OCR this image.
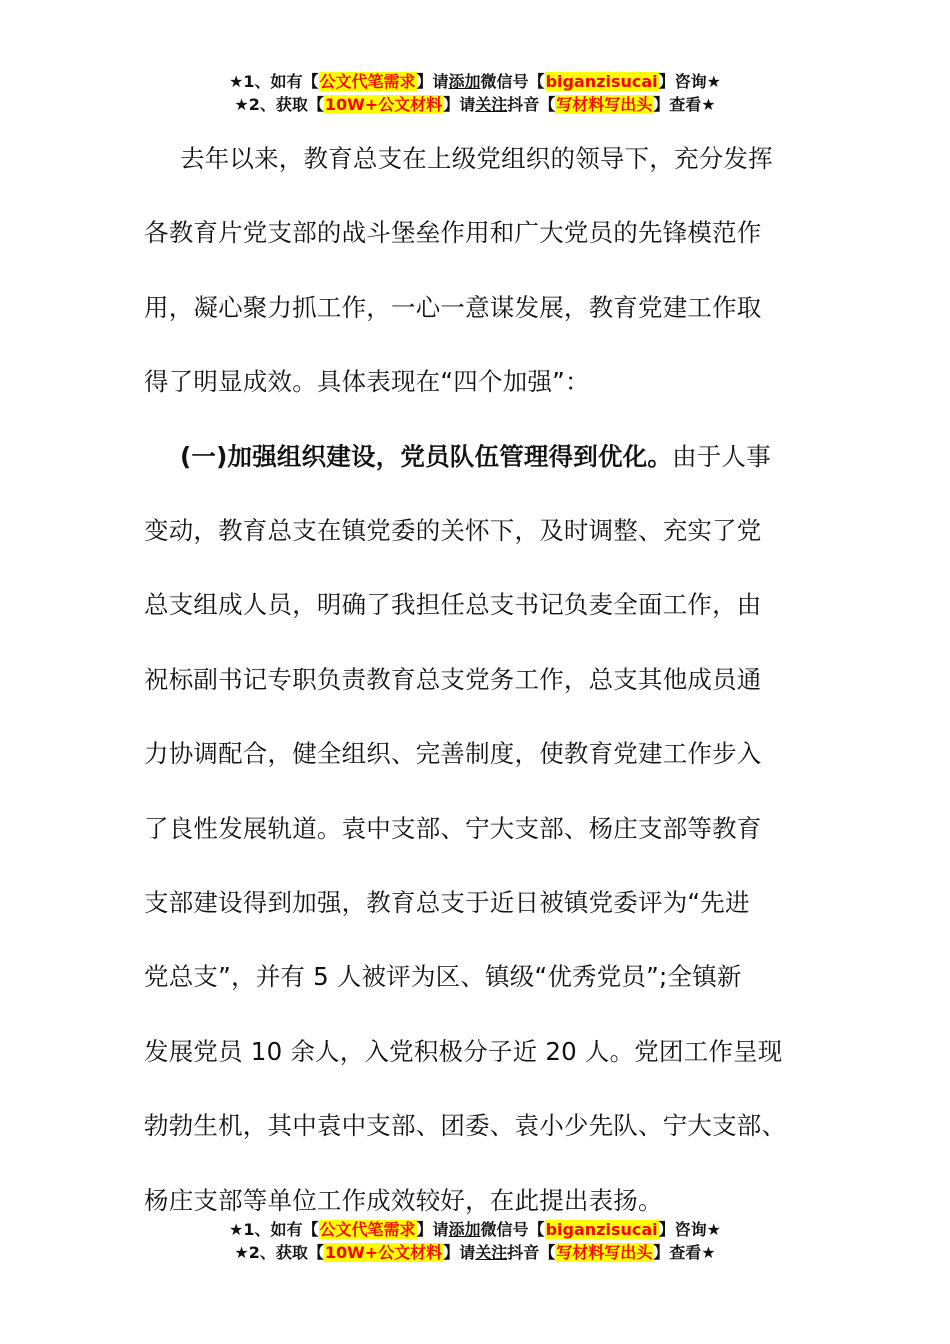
★1、如有【公文代笔需求】请添加微信号【biganzisucai】咨询★
★2、获取【10W+公文材料】请关注抖音【写材料写出头】查看★

去年以来，教育总支在上级党组织的领导下，充分发挥
各教育片党支部的战斗堡垒作用和广大党员的先锋模范作
用，凝心聚力抓工作，一心一意谋发展，教育党建工作取
得了明显成效。具体表现在“四个加强”：

(一)加强组织建设，党员队伍管理得到优化。由于人事
变动，教育总支在镇党委的关怀下，及时调整、充实了党
总支组成人员，明确了我担任总支书记负麦全面工作，由
祝标副书记专职负责教育总支党务工作，总支其他成员通
力协调配合，健全组织、完善制度，使教育党建工作步入
了良性发展轨道。袁中支部、宁大支部、杨庄支部等教育
支部建设得到加强，教育总支于近日被镇党委评为“先进
党总支”，并有 5 人被评为区、镇级“优秀党员”;全镇新
发展党员 10 余人，入党积极分子近 20 人。党团工作呈现
勃勃生机，其中袁中支部、团委、袁小少先队、宁大支部、
杨庄支部等单位工作成效较好，在此提出表扬。

★1、如有【公文代笔需求】请添加微信号【biganzisucai】咨询★
★2、获取【10W+公文材料】请关注抖音【写材料写出头】查看★
